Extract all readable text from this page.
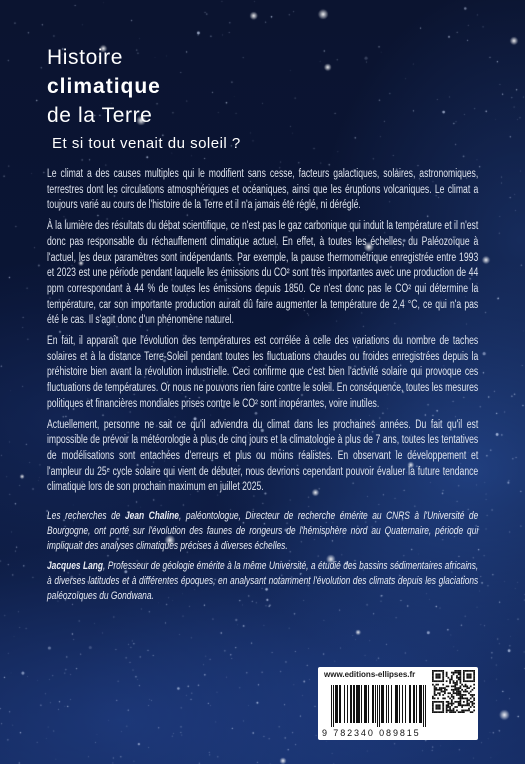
Histoire
climatique
de la Terre
Et si tout venait du soleil ?

Le climat a des causes multiples qui le modifient sans cesse, facteurs galactiques, solaires, astronomiques, terrestres dont les circulations atmosphériques et océaniques, ainsi que les éruptions volcaniques. Le climat a toujours varié au cours de l'histoire de la Terre et il n'a jamais été réglé, ni déréglé.

À la lumière des résultats du débat scientifique, ce n'est pas le gaz carbonique qui induit la température et il n'est donc pas responsable du réchauffement climatique actuel. En effet, à toutes les échelles, du Paléozoïque à l'actuel, les deux paramètres sont indépendants. Par exemple, la pause thermométrique enregistrée entre 1993 et 2023 est une période pendant laquelle les émissions du CO² sont très importantes avec une production de 44 ppm correspondant à 44 % de toutes les émissions depuis 1850. Ce n'est donc pas le CO² qui détermine la température, car son importante production aurait dû faire augmenter la température de 2,4 °C, ce qui n'a pas été le cas. Il s'agit donc d'un phénomène naturel.

En fait, il apparaît que l'évolution des températures est corrélée à celle des variations du nombre de taches solaires et à la distance Terre-Soleil pendant toutes les fluctuations chaudes ou froides enregistrées depuis la préhistoire bien avant la révolution industrielle. Ceci confirme que c'est bien l'activité solaire qui provoque ces fluctuations de températures. Or nous ne pouvons rien faire contre le soleil. En conséquence, toutes les mesures politiques et financières mondiales prises contre le CO² sont inopérantes, voire inutiles.

Actuellement, personne ne sait ce qu'il adviendra du climat dans les prochaines années. Du fait qu'il est impossible de prévoir la météorologie à plus de cinq jours et la climatologie à plus de 7 ans, toutes les tentatives de modélisations sont entachées d'erreurs et plus ou moins réalistes. En observant le développement et l'ampleur du 25e cycle solaire qui vient de débuter, nous devrions cependant pouvoir évaluer la future tendance climatique lors de son prochain maximum en juillet 2025.

Les recherches de Jean Chaline, paléontologue, Directeur de recherche émérite au CNRS à l'Université de Bourgogne, ont porté sur l'évolution des faunes de rongeurs de l'hémisphère nord au Quaternaire, période qui impliquait des analyses climatiques précises à diverses échelles.

Jacques Lang, Professeur de géologie émérite à la même Université, a étudié des bassins sédimentaires africains, à diverses latitudes et à différentes époques, en analysant notamment l'évolution des climats depuis les glaciations paléozoïques du Gondwana.

www.editions-ellipses.fr
9 782340 089815
